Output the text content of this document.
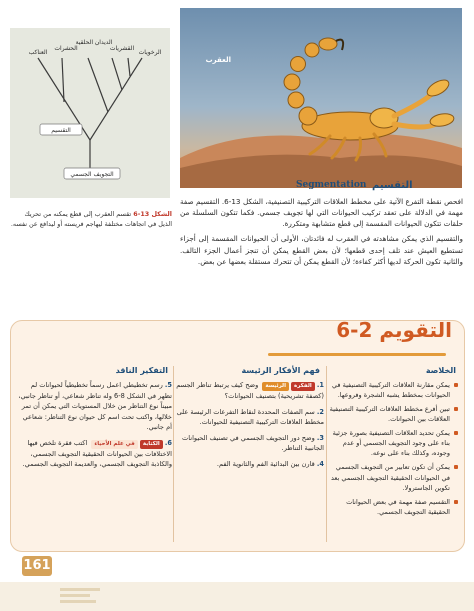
العقرب
العناكب
الحشرات
الديدان الحلقية
القشريات
الرخويات
التقسيم
التجويف الجسمي
الشكل 13-6 تقسم العقرب إلى قطع يمكنه من تحريك الذيل في اتجاهات مختلفة ليهاجم فريسته أو ليدافع عن نفسه.
Segmentation التقسيم

افحص نقطة التفرع الآتية على مخطط العلاقات التركيبية التصنيفية، الشكل 13-6. التقسيم صفة مهمة في الدلالة على تعقد تركيب الحيوانات التي لها تجويف جسمي. فكما تتكون السلسلة من حلقات تتكون الحيوانات المقسمة إلى قطع متشابهة ومتكررة.

والتقسيم الذي يمكن مشاهدته في العقرب له فائدتان، الأولى أن الحيوانات المقسمة إلى أجزاء تستطيع العيش عند تلف إحدى قطعها؛ لأن بعض القطع يمكن أن تنجز أعمال الجزء التالف. والثانية تكون الحركة لديها أكثر كفاءة؛ لأن القطع يمكن أن تتحرك مستقلة بعضها عن بعض.

التقويم 2-6
الخلاصة
فهم الأفكار الرئيسة
التفكير الناقد
يمكن مقارنة العلاقات التركيبية التصنيفية في الحيوانات بمخطط يشبه الشجرة وفروعها.
تبين أفرع مخطط العلاقات التركيبية التصنيفية العلاقات بين الحيوانات.
يمكن تحديد العلاقات التصنيفية بصورة جزئية بناء على وجود التجويف الجسمي أو عدم وجوده، وكذلك بناء على نوعه.
يمكن أن تكون تعابير من التجويف الجسمي في الحيوانات الحقيقية التجويف الجسمي بعد تكوين الجاسترولا.
التقسيم صفة مهمة في بعض الحيوانات الحقيقية التجويف الجسمي.
1. الفكرةالرئيسة وضح كيف يرتبط تناظر الجسم (كصفة تشريحية) بتصنيف الحيوانات؟
2. سم الصفات المحددة لنقاط التفرعات الرئيسة على مخطط العلاقات التركيبية التصنيفية للحيوانات.
3. وضح دور التجويف الجسمي في تصنيف الحيوانات الجانبية التناظر.
4. قارن بين البدائية الفم والثانوية الفم.
5. رسم تخطيطي اعمل رسماً تخطيطياً لحيوانات لم تظهر في الشكل 8-6 وله تناظر شعاعي، أو تناظر جانبي، مبيناً نوع التناظر من خلال المستويات التي يمكن أن تمر خلالها، واكتب تحت اسم كل حيوان نوع التناظر: شعاعي أم جانبي.
6. الكتابة في علم الأحياء اكتب فقرة تلخص فيها الاختلافات بين الحيوانات الحقيقية التجويف الجسمي، والكاذبة التجويف الجسمي، والعديمة التجويف الجسمي.
161
